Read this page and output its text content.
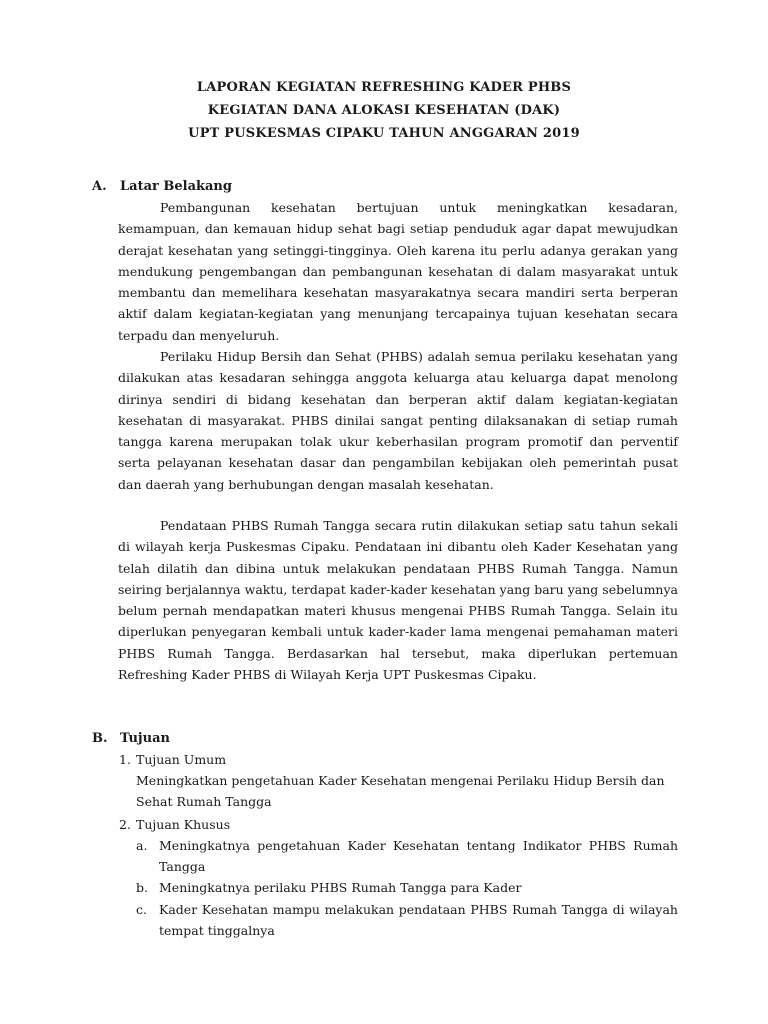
LAPORAN KEGIATAN REFRESHING KADER PHBS
KEGIATAN DANA ALOKASI KESEHATAN (DAK)
UPT PUSKESMAS CIPAKU TAHUN ANGGARAN 2019
A. Latar Belakang

Pembangunan kesehatan bertujuan untuk meningkatkan kesadaran, kemampuan, dan kemauan hidup sehat bagi setiap penduduk agar dapat mewujudkan derajat kesehatan yang setinggi-tingginya. Oleh karena itu perlu adanya gerakan yang mendukung pengembangan dan pembangunan kesehatan di dalam masyarakat untuk membantu dan memelihara kesehatan masyarakatnya secara mandiri serta berperan aktif dalam kegiatan-kegiatan yang menunjang tercapainya tujuan kesehatan secara terpadu dan menyeluruh.

Perilaku Hidup Bersih dan Sehat (PHBS) adalah semua perilaku kesehatan yang dilakukan atas kesadaran sehingga anggota keluarga atau keluarga dapat menolong dirinya sendiri di bidang kesehatan dan berperan aktif dalam kegiatan-kegiatan kesehatan di masyarakat. PHBS dinilai sangat penting dilaksanakan di setiap rumah tangga karena merupakan tolak ukur keberhasilan program promotif dan perventif serta pelayanan kesehatan dasar dan pengambilan kebijakan oleh pemerintah pusat dan daerah yang berhubungan dengan masalah kesehatan.

Pendataan PHBS Rumah Tangga secara rutin dilakukan setiap satu tahun sekali di wilayah kerja Puskesmas Cipaku. Pendataan ini dibantu oleh Kader Kesehatan yang telah dilatih dan dibina untuk melakukan pendataan PHBS Rumah Tangga. Namun seiring berjalannya waktu, terdapat kader-kader kesehatan yang baru yang sebelumnya belum pernah mendapatkan materi khusus mengenai PHBS Rumah Tangga. Selain itu diperlukan penyegaran kembali untuk kader-kader lama mengenai pemahaman materi PHBS Rumah Tangga. Berdasarkan hal tersebut, maka diperlukan pertemuan Refreshing Kader PHBS di Wilayah Kerja UPT Puskesmas Cipaku.

B. Tujuan
1. Tujuan Umum

Meningkatkan pengetahuan Kader Kesehatan mengenai Perilaku Hidup Bersih dan Sehat Rumah Tangga

2. Tujuan Khusus
a. Meningkatnya pengetahuan Kader Kesehatan tentang Indikator PHBS Rumah Tangga

b. Meningkatnya perilaku PHBS Rumah Tangga para Kader

c. Kader Kesehatan mampu melakukan pendataan PHBS Rumah Tangga di wilayah tempat tinggalnya
